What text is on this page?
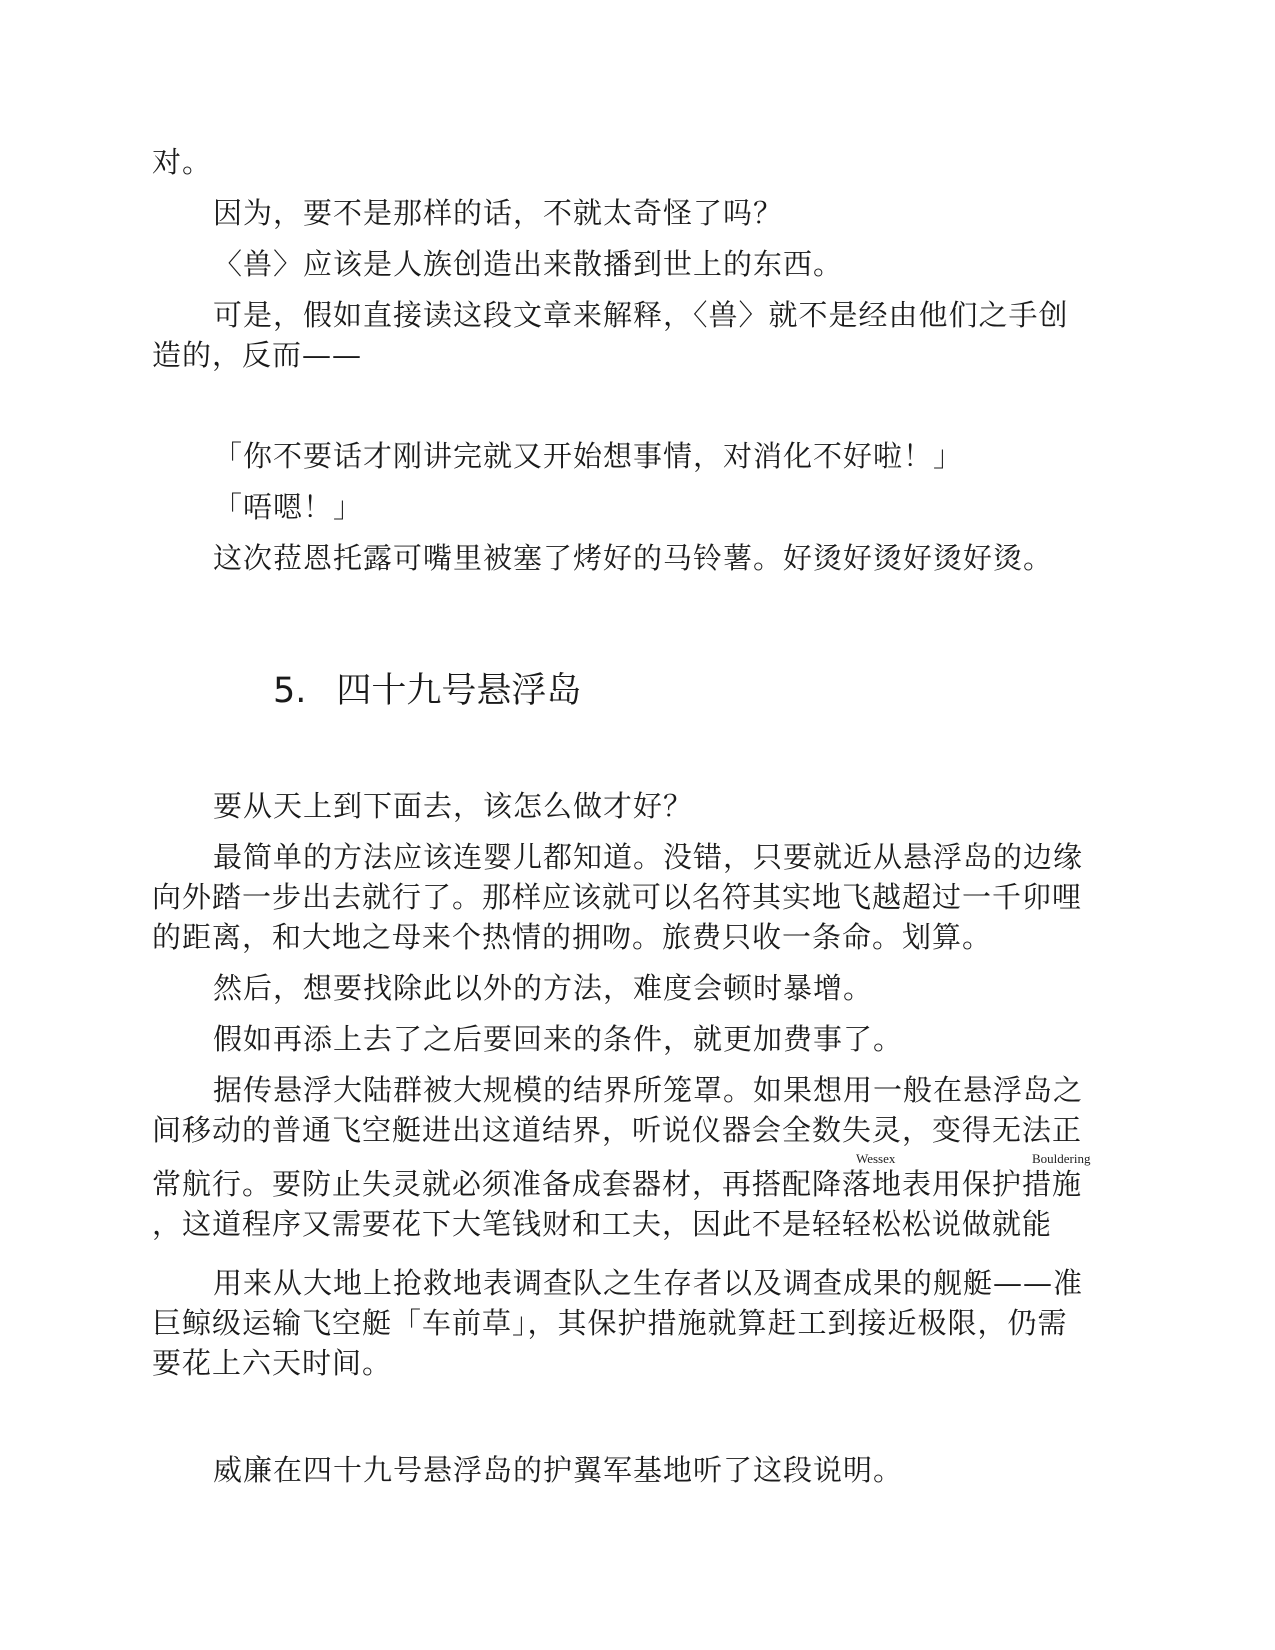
对。
因为，要不是那样的话，不就太奇怪了吗？
〈兽〉应该是人族创造出来散播到世上的东西。
可是，假如直接读这段文章来解释，〈兽〉就不是经由他们之手创
造的，反而——
「你不要话才刚讲完就又开始想事情，对消化不好啦！」
「唔嗯！」
这次菈恩托露可嘴里被塞了烤好的马铃薯。好烫好烫好烫好烫。
5. 四十九号悬浮岛
要从天上到下面去，该怎么做才好？
最简单的方法应该连婴儿都知道。没错，只要就近从悬浮岛的边缘
向外踏一步出去就行了。那样应该就可以名符其实地飞越超过一千卯哩
的距离，和大地之母来个热情的拥吻。旅费只收一条命。划算。
然后，想要找除此以外的方法，难度会顿时暴增。
假如再添上去了之后要回来的条件，就更加费事了。
据传悬浮大陆群被大规模的结界所笼罩。如果想用一般在悬浮岛之
间移动的普通飞空艇进出这道结界，听说仪器会全数失灵，变得无法正
Wessex	Bouldering
常航行。要防止失灵就必须准备成套器材，再搭配降落地表用保护措施
，这道程序又需要花下大笔钱财和工夫，因此不是轻轻松松说做就能
用来从大地上抢救地表调查队之生存者以及调查成果的舰艇——准
巨鲸级运输飞空艇「车前草」，其保护措施就算赶工到接近极限，仍需
要花上六天时间。
威廉在四十九号悬浮岛的护翼军基地听了这段说明。
